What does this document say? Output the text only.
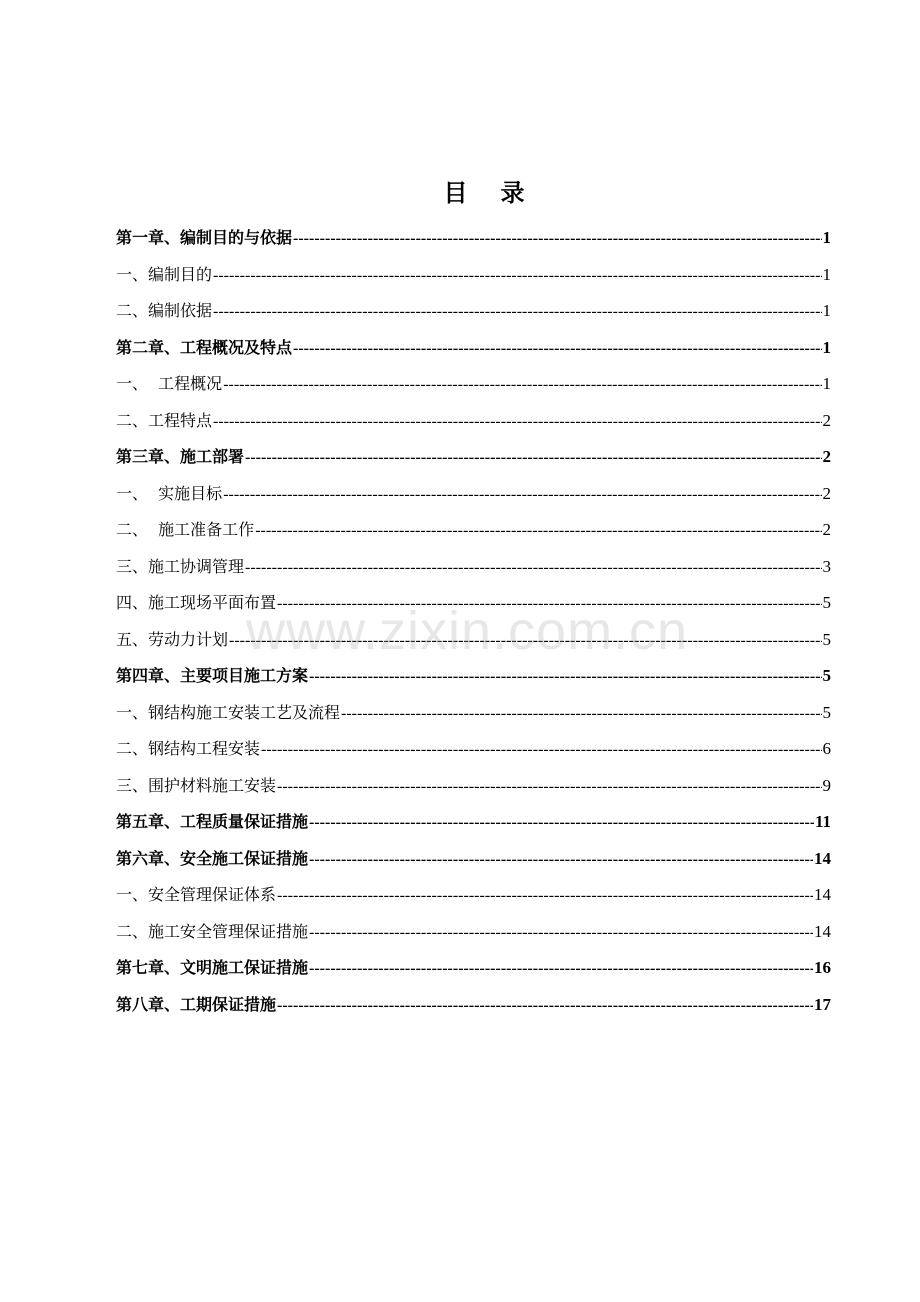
目   录
第一章、编制目的与依据 -----	1
一、编制目的 -----	1
二、编制依据 -----	1
第二章、工程概况及特点 -----	1
一、  工程概况 -----	1
二、工程特点 -----	2
第三章、施工部署 -----	2
一、  实施目标 -----	2
二、  施工准备工作 -----	2
三、施工协调管理 -----	3
四、施工现场平面布置 -----	5
五、劳动力计划 -----	5
第四章、主要项目施工方案 -----	5
一、钢结构施工安装工艺及流程 -----	5
二、钢结构工程安装 -----	6
三、围护材料施工安装 -----	9
第五章、工程质量保证措施 -----	11
第六章、安全施工保证措施 -----	14
一、安全管理保证体系 -----	14
二、施工安全管理保证措施 -----	14
第七章、文明施工保证措施 -----	16
第八章、工期保证措施 -----	17
www.zixin.com.cn
